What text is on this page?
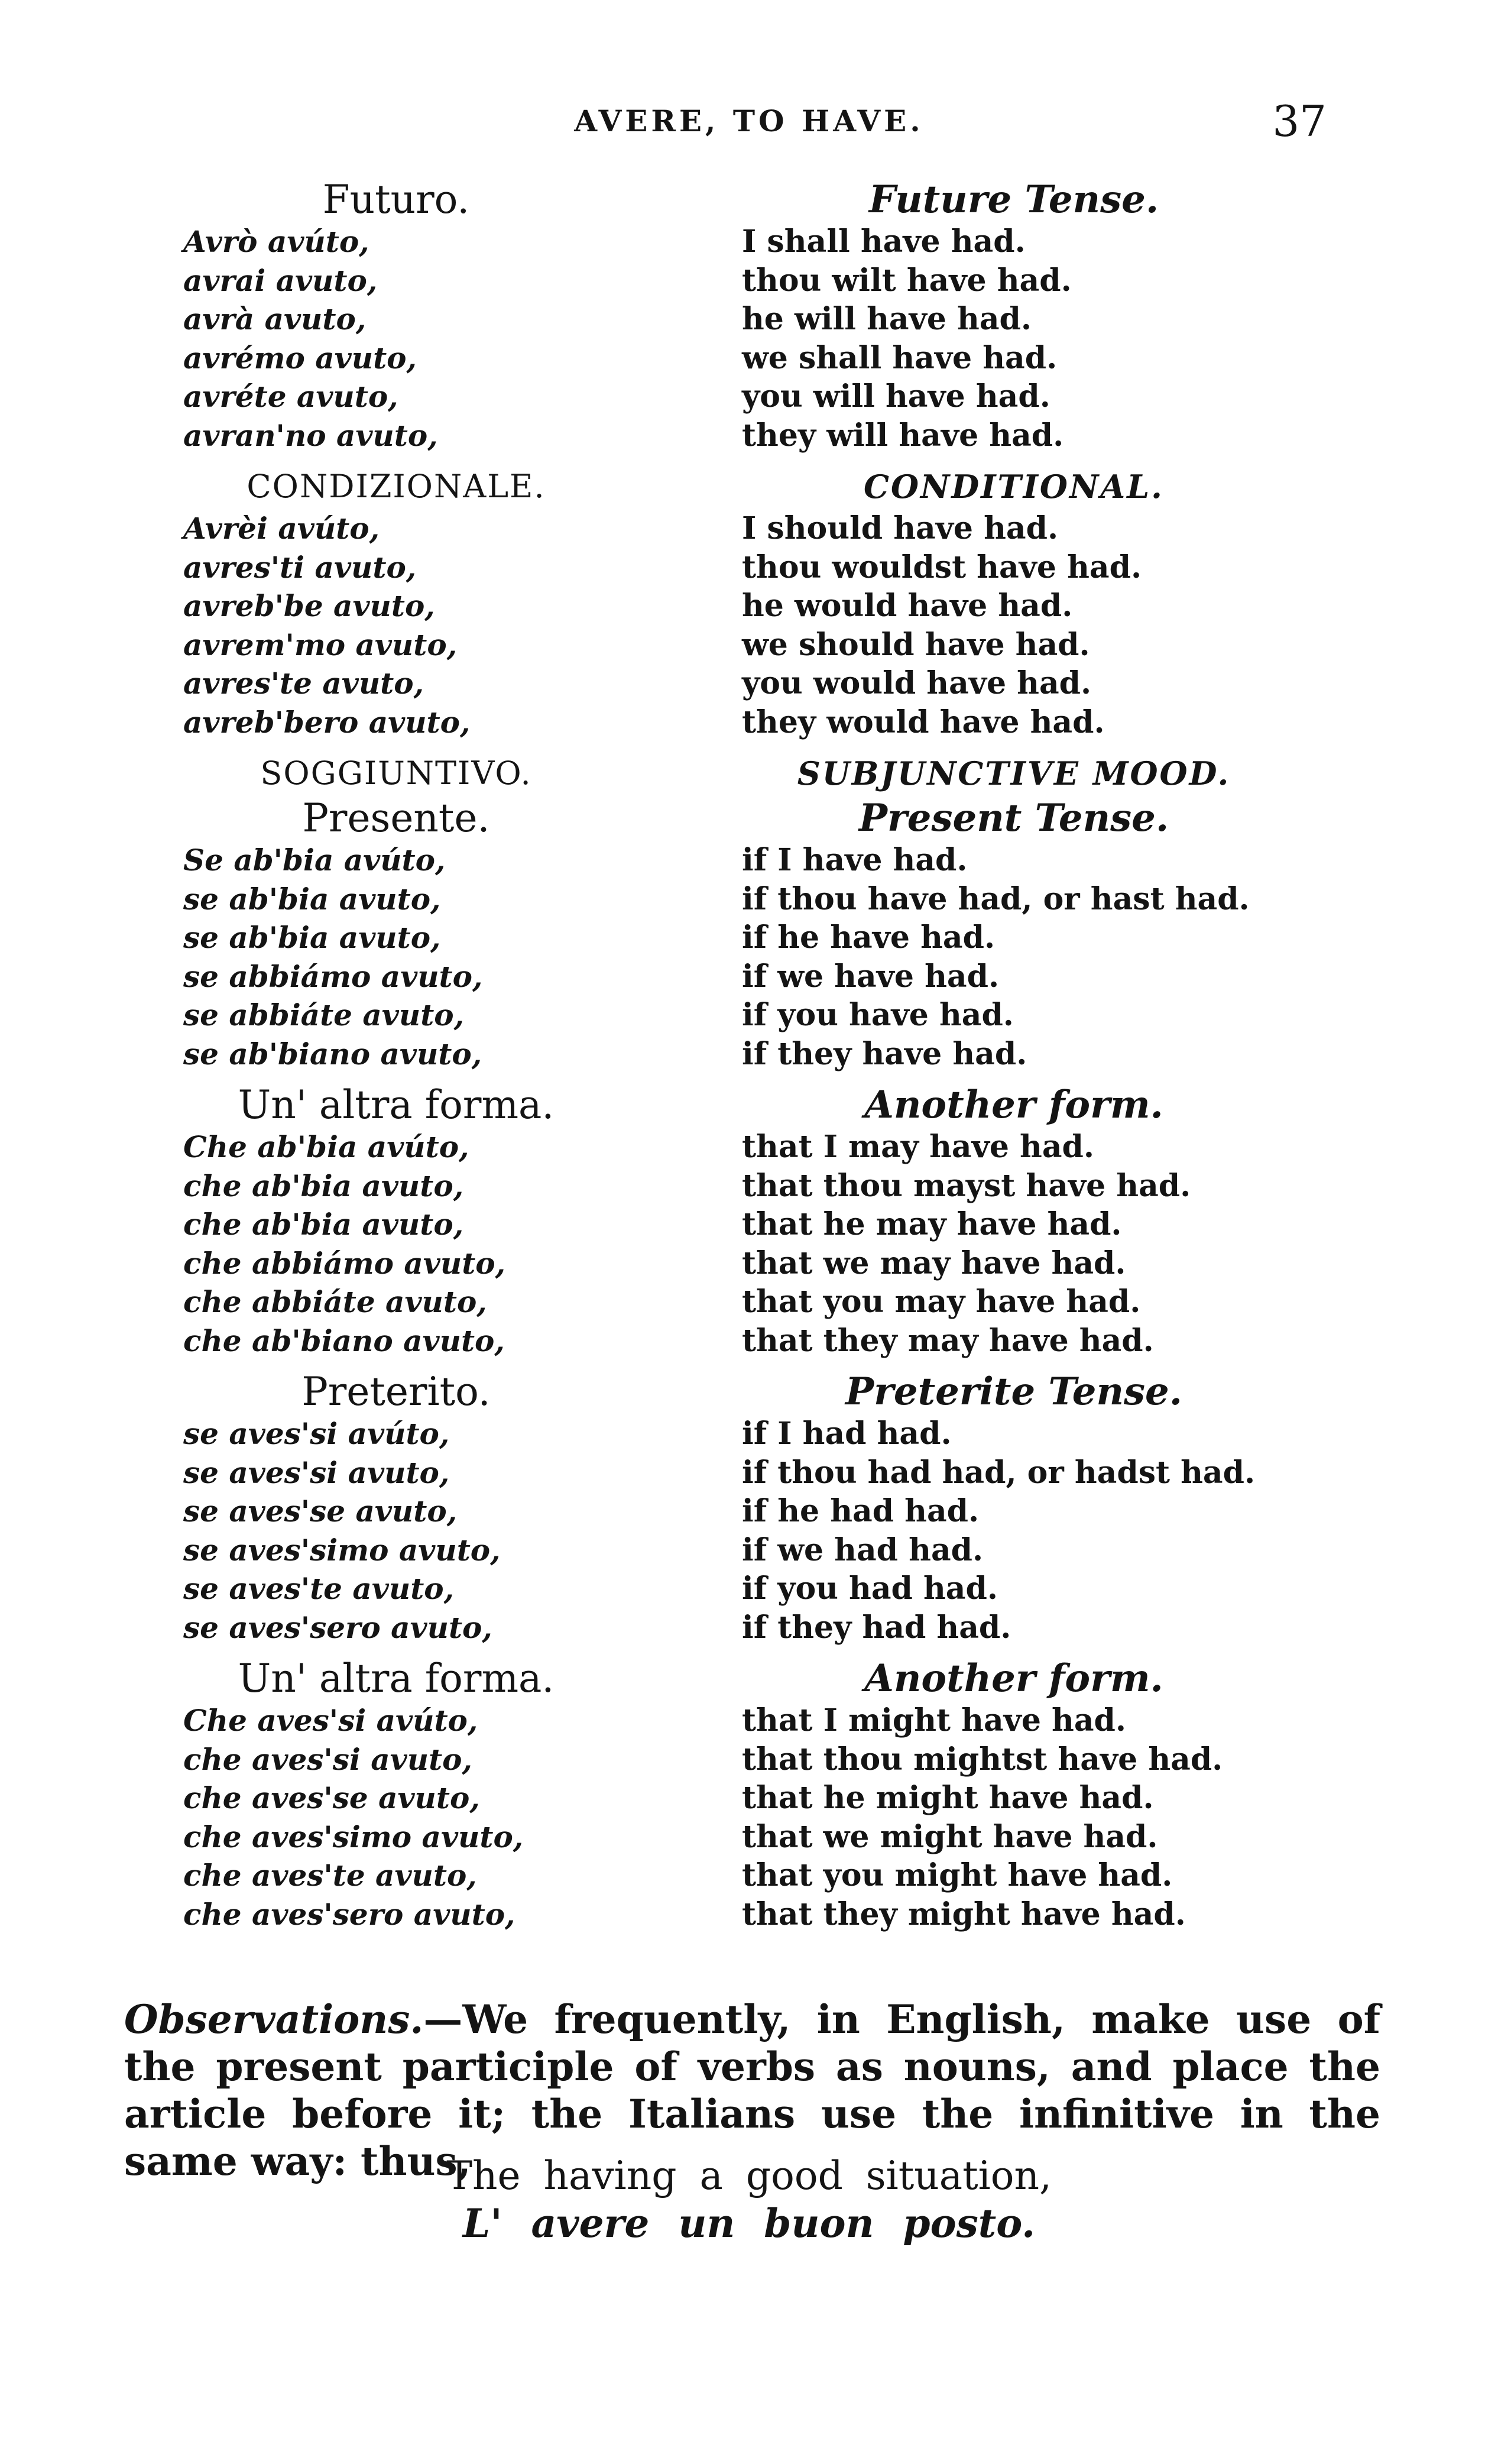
AVERE, TO HAVE.	37
Futuro.
Avrò avúto,
avrai avuto,
avrà avuto,
avrémo avuto,
avréte avuto,
avran'no avuto,
CONDIZIONALE.
Avrèi avúto,
avres'ti avuto,
avreb'be avuto,
avrem'mo avuto,
avres'te avuto,
avreb'bero avuto,
SOGGIUNTIVO.
Presente.
Se ab'bia avúto,
se ab'bia avuto,
se ab'bia avuto,
se abbiámo avuto,
se abbiáte avuto,
se ab'biano avuto,
Un' altra forma.
Che ab'bia avúto,
che ab'bia avuto,
che ab'bia avuto,
che abbiámo avuto,
che abbiáte avuto,
che ab'biano avuto,
Preterito.
se aves'si avúto,
se aves'si avuto,
se aves'se avuto,
se aves'simo avuto,
se aves'te avuto,
se aves'sero avuto,
Un' altra forma.
Che aves'si avúto,
che aves'si avuto,
che aves'se avuto,
che aves'simo avuto,
che aves'te avuto,
che aves'sero avuto,
Future Tense.
I shall have had.
thou wilt have had.
he will have had.
we shall have had.
you will have had.
they will have had.
CONDITIONAL.
I should have had.
thou wouldst have had.
he would have had.
we should have had.
you would have had.
they would have had.
SUBJUNCTIVE MOOD.
Present Tense.
if I have had.
if thou have had, or hast had.
if he have had.
if we have had.
if you have had.
if they have had.
Another form.
that I may have had.
that thou mayst have had.
that he may have had.
that we may have had.
that you may have had.
that they may have had.
Preterite Tense.
if I had had.
if thou had had, or hadst had.
if he had had.
if we had had.
if you had had.
if they had had.
Another form.
that I might have had.
that thou mightst have had.
that he might have had.
that we might have had.
that you might have had.
that they might have had.
Observations.—We frequently, in English, make use of the present participle of verbs as nouns, and place the article before it; the Italians use the infinitive in the same way: thus,
The having a good situation,
L' avere un buon posto.
